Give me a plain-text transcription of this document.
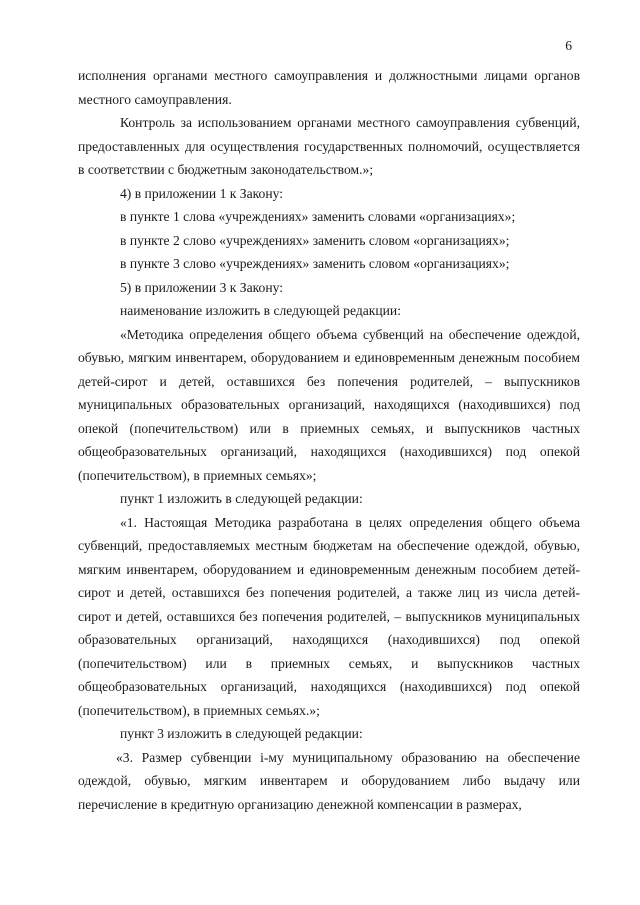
6

исполнения органами местного самоуправления и должностными лицами органов местного самоуправления.

Контроль за использованием органами местного самоуправления субвенций, предоставленных для осуществления государственных полномочий, осуществляется в соответствии с бюджетным законодательством.»;

4) в приложении 1 к Закону:

в пункте 1 слова «учреждениях» заменить словами «организациях»;

в пункте 2 слово «учреждениях» заменить словом «организациях»;

в пункте 3 слово «учреждениях» заменить словом «организациях»;

5) в приложении 3 к Закону:

наименование изложить в следующей редакции:

«Методика определения общего объема субвенций на обеспечение одеждой, обувью, мягким инвентарем, оборудованием и единовременным денежным пособием детей-сирот и детей, оставшихся без попечения родителей, – выпускников муниципальных образовательных организаций, находящихся (находившихся) под опекой (попечительством) или в приемных семьях, и выпускников частных общеобразовательных организаций, находящихся (находившихся) под опекой (попечительством), в приемных семьях»;

пункт 1 изложить в следующей редакции:

«1. Настоящая Методика разработана в целях определения общего объема субвенций, предоставляемых местным бюджетам на обеспечение одеждой, обувью, мягким инвентарем, оборудованием и единовременным денежным пособием детей-сирот и детей, оставшихся без попечения родителей, а также лиц из числа детей-сирот и детей, оставшихся без попечения родителей, – выпускников муниципальных образовательных организаций, находящихся (находившихся) под опекой (попечительством) или в приемных семьях, и выпускников частных общеобразовательных организаций, находящихся (находившихся) под опекой (попечительством), в приемных семьях.»;

пункт 3 изложить в следующей редакции:

«3. Размер субвенции i-му муниципальному образованию на обеспечение одеждой, обувью, мягким инвентарем и оборудованием либо выдачу или перечисление в кредитную организацию денежной компенсации в размерах,
